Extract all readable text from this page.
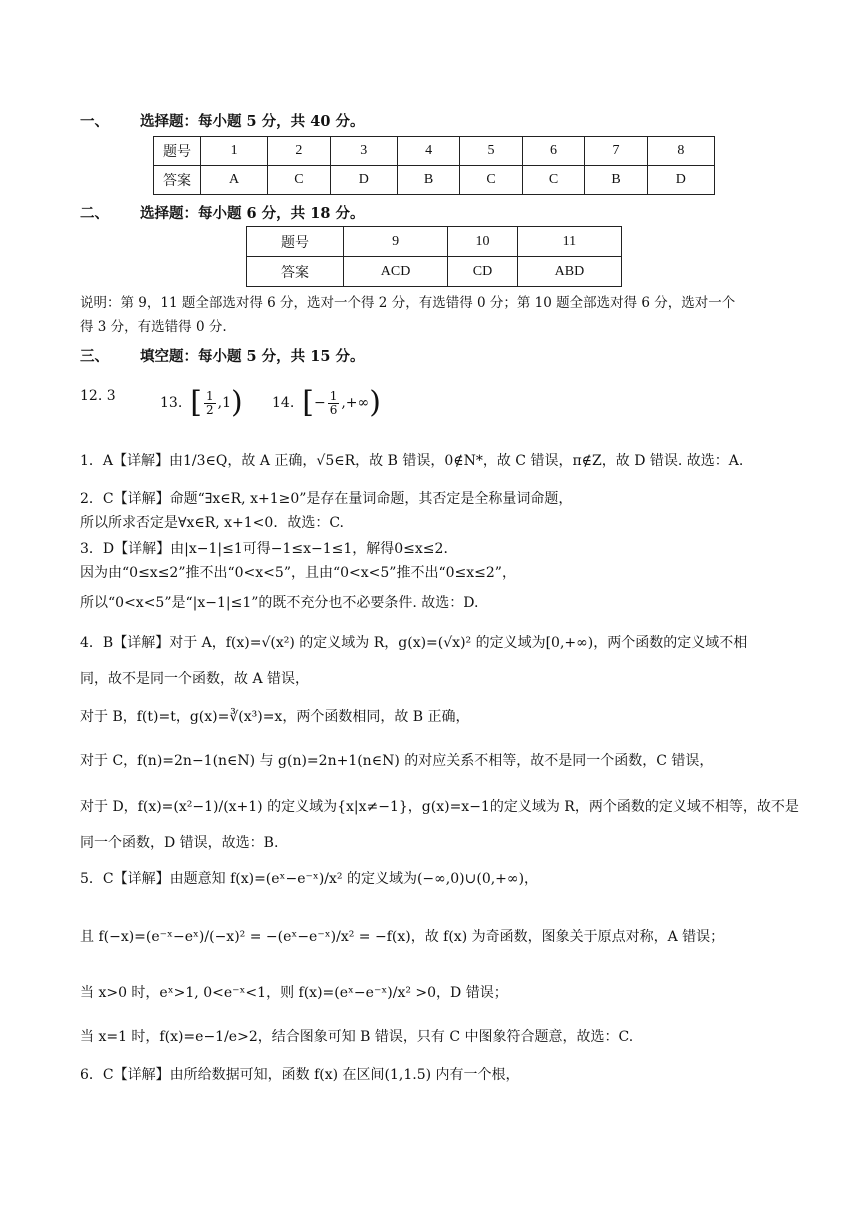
一、 选择题：每小题 5 分，共 40 分。
题号	1	2	3	4	5	6	7	8
答案	A	C	D	B	C	C	B	D
二、 选择题：每小题 6 分，共 18 分。
题号	9	10	11
答案	ACD	CD	ABD
说明：第 9，11 题全部选对得 6 分，选对一个得 2 分，有选错得 0 分；第 10 题全部选对得 6 分，选对一个
得 3 分，有选错得 0 分.
三、 填空题：每小题 5 分，共 15 分。
12. 3	13. [ $\frac{1}{2} ,1$ ) 14. [ − $\frac{1}{6}$ ,+∞ )
1．A【详解】由1/3∈Q，故 A 正确，√5∈R，故 B 错误，0∉N*，故 C 错误，π∉Z，故 D 错误. 故选：A.
2．C【详解】命题“∃x∈R, x+1≥0”是存在量词命题，其否定是全称量词命题，
所以所求否定是∀x∈R, x+1<0．故选：C.
3．D【详解】由|x−1|≤1可得−1≤x−1≤1，解得0≤x≤2．
因为由“0≤x≤2”推不出“0<x<5”，且由“0<x<5”推不出“0≤x≤2”，
所以“0<x<5”是“|x−1|≤1”的既不充分也不必要条件. 故选：D.
4．B【详解】对于 A，f(x)=√(x²) 的定义域为 R，g(x)=(√x)² 的定义域为[0,+∞)，两个函数的定义域不相
同，故不是同一个函数，故 A 错误，
对于 B，f(t)=t，g(x)=∛(x³)=x，两个函数相同，故 B 正确，
对于 C，f(n)=2n−1(n∈N) 与 g(n)=2n+1(n∈N) 的对应关系不相等，故不是同一个函数，C 错误，
对于 D，f(x)=(x²−1)/(x+1) 的定义域为{x|x≠−1}，g(x)=x−1的定义域为 R，两个函数的定义域不相等，故不是
同一个函数，D 错误，故选：B.
5．C【详解】由题意知 f(x)=(eˣ−e⁻ˣ)/x² 的定义域为(−∞,0)∪(0,+∞)，
且 f(−x)=(e⁻ˣ−eˣ)/(−x)² = −(eˣ−e⁻ˣ)/x² = −f(x)，故 f(x) 为奇函数，图象关于原点对称，A 错误；
当 x>0 时，eˣ>1, 0<e⁻ˣ<1，则 f(x)=(eˣ−e⁻ˣ)/x² >0，D 错误；
当 x=1 时，f(x)=e−1/e>2，结合图象可知 B 错误，只有 C 中图象符合题意，故选：C.
6．C【详解】由所给数据可知，函数 f(x) 在区间(1,1.5) 内有一个根，
